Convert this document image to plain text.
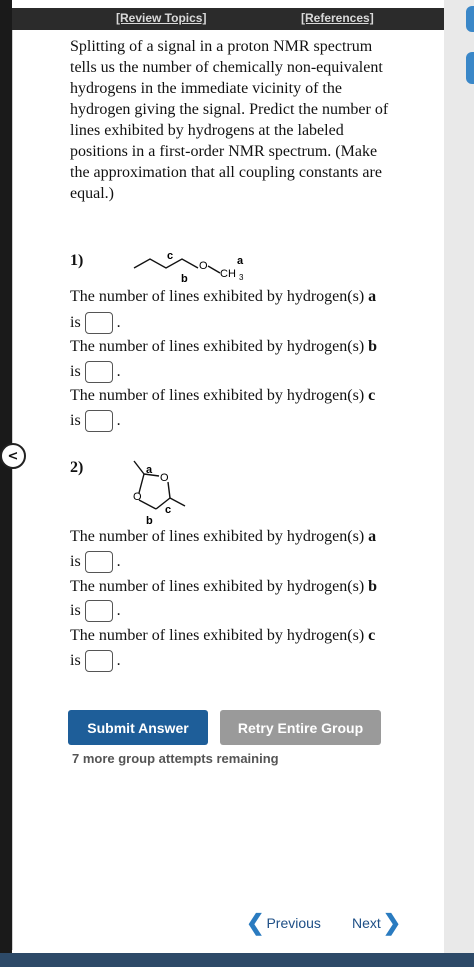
[Review Topics]	[References]
<
Splitting of a signal in a proton NMR spectrum tells us the number of chemically non-equivalent hydrogens in the immediate vicinity of the hydrogen giving the signal. Predict the number of lines exhibited by hydrogens at the labeled positions in a first-order NMR spectrum. (Make the approximation that all coupling constants are equal.)
1)	c
b
O	a
CH 3
The number of lines exhibited by hydrogen(s) a
is .
The number of lines exhibited by hydrogen(s) b
is .
The number of lines exhibited by hydrogen(s) c
is .
2)	a
O
O
c
b
The number of lines exhibited by hydrogen(s) a
is .
The number of lines exhibited by hydrogen(s) b
is .
The number of lines exhibited by hydrogen(s) c
is .
Submit Answer	Retry Entire Group
7 more group attempts remaining
❮ Previous Next ❯
